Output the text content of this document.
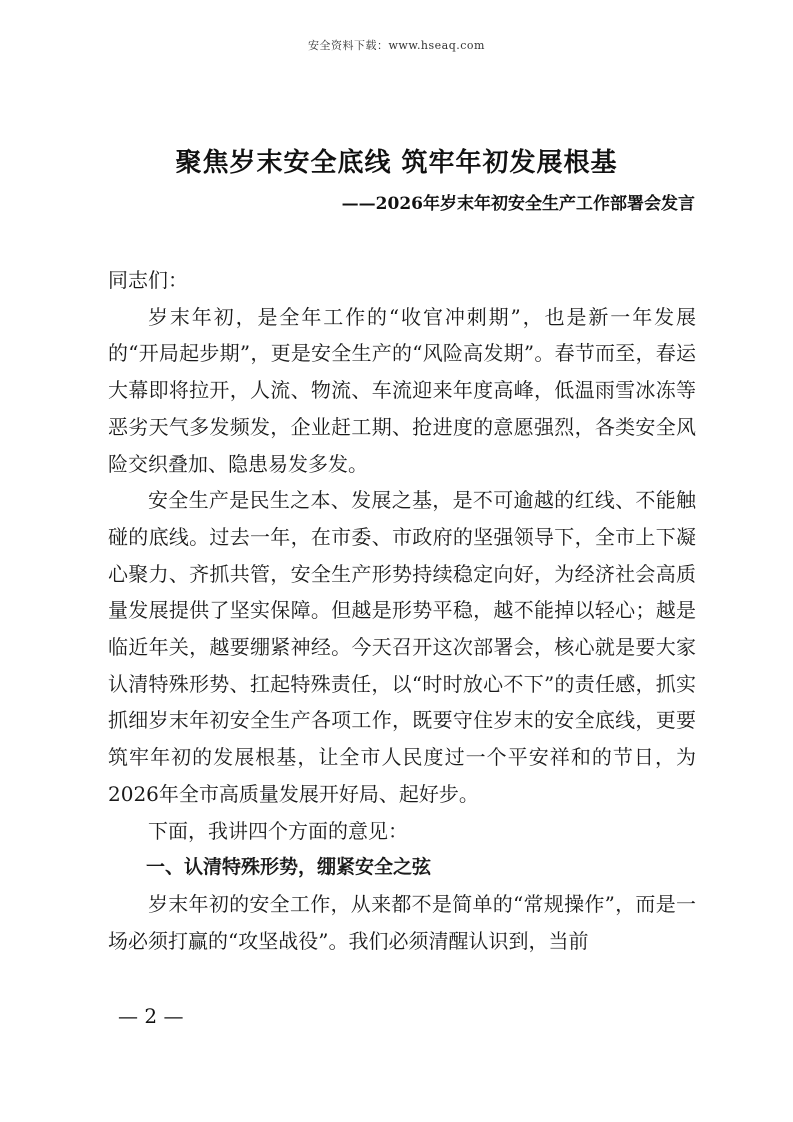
安全资料下载：www.hseaq.com
聚焦岁末安全底线 筑牢年初发展根基
——2026年岁末年初安全生产工作部署会发言

同志们：

岁末年初，是全年工作的“收官冲刺期”，也是新一年发展的“开局起步期”，更是安全生产的“风险高发期”。春节而至，春运大幕即将拉开，人流、物流、车流迎来年度高峰，低温雨雪冰冻等恶劣天气多发频发，企业赶工期、抢进度的意愿强烈，各类安全风险交织叠加、隐患易发多发。

安全生产是民生之本、发展之基，是不可逾越的红线、不能触碰的底线。过去一年，在市委、市政府的坚强领导下，全市上下凝心聚力、齐抓共管，安全生产形势持续稳定向好，为经济社会高质量发展提供了坚实保障。但越是形势平稳，越不能掉以轻心；越是临近年关，越要绷紧神经。今天召开这次部署会，核心就是要大家认清特殊形势、扛起特殊责任，以“时时放心不下”的责任感，抓实抓细岁末年初安全生产各项工作，既要守住岁末的安全底线，更要筑牢年初的发展根基，让全市人民度过一个平安祥和的节日，为2026年全市高质量发展开好局、起好步。

下面，我讲四个方面的意见：

一、认清特殊形势，绷紧安全之弦

岁末年初的安全工作，从来都不是简单的“常规操作”，而是一场必须打赢的“攻坚战役”。我们必须清醒认识到，当前

— 2 —
